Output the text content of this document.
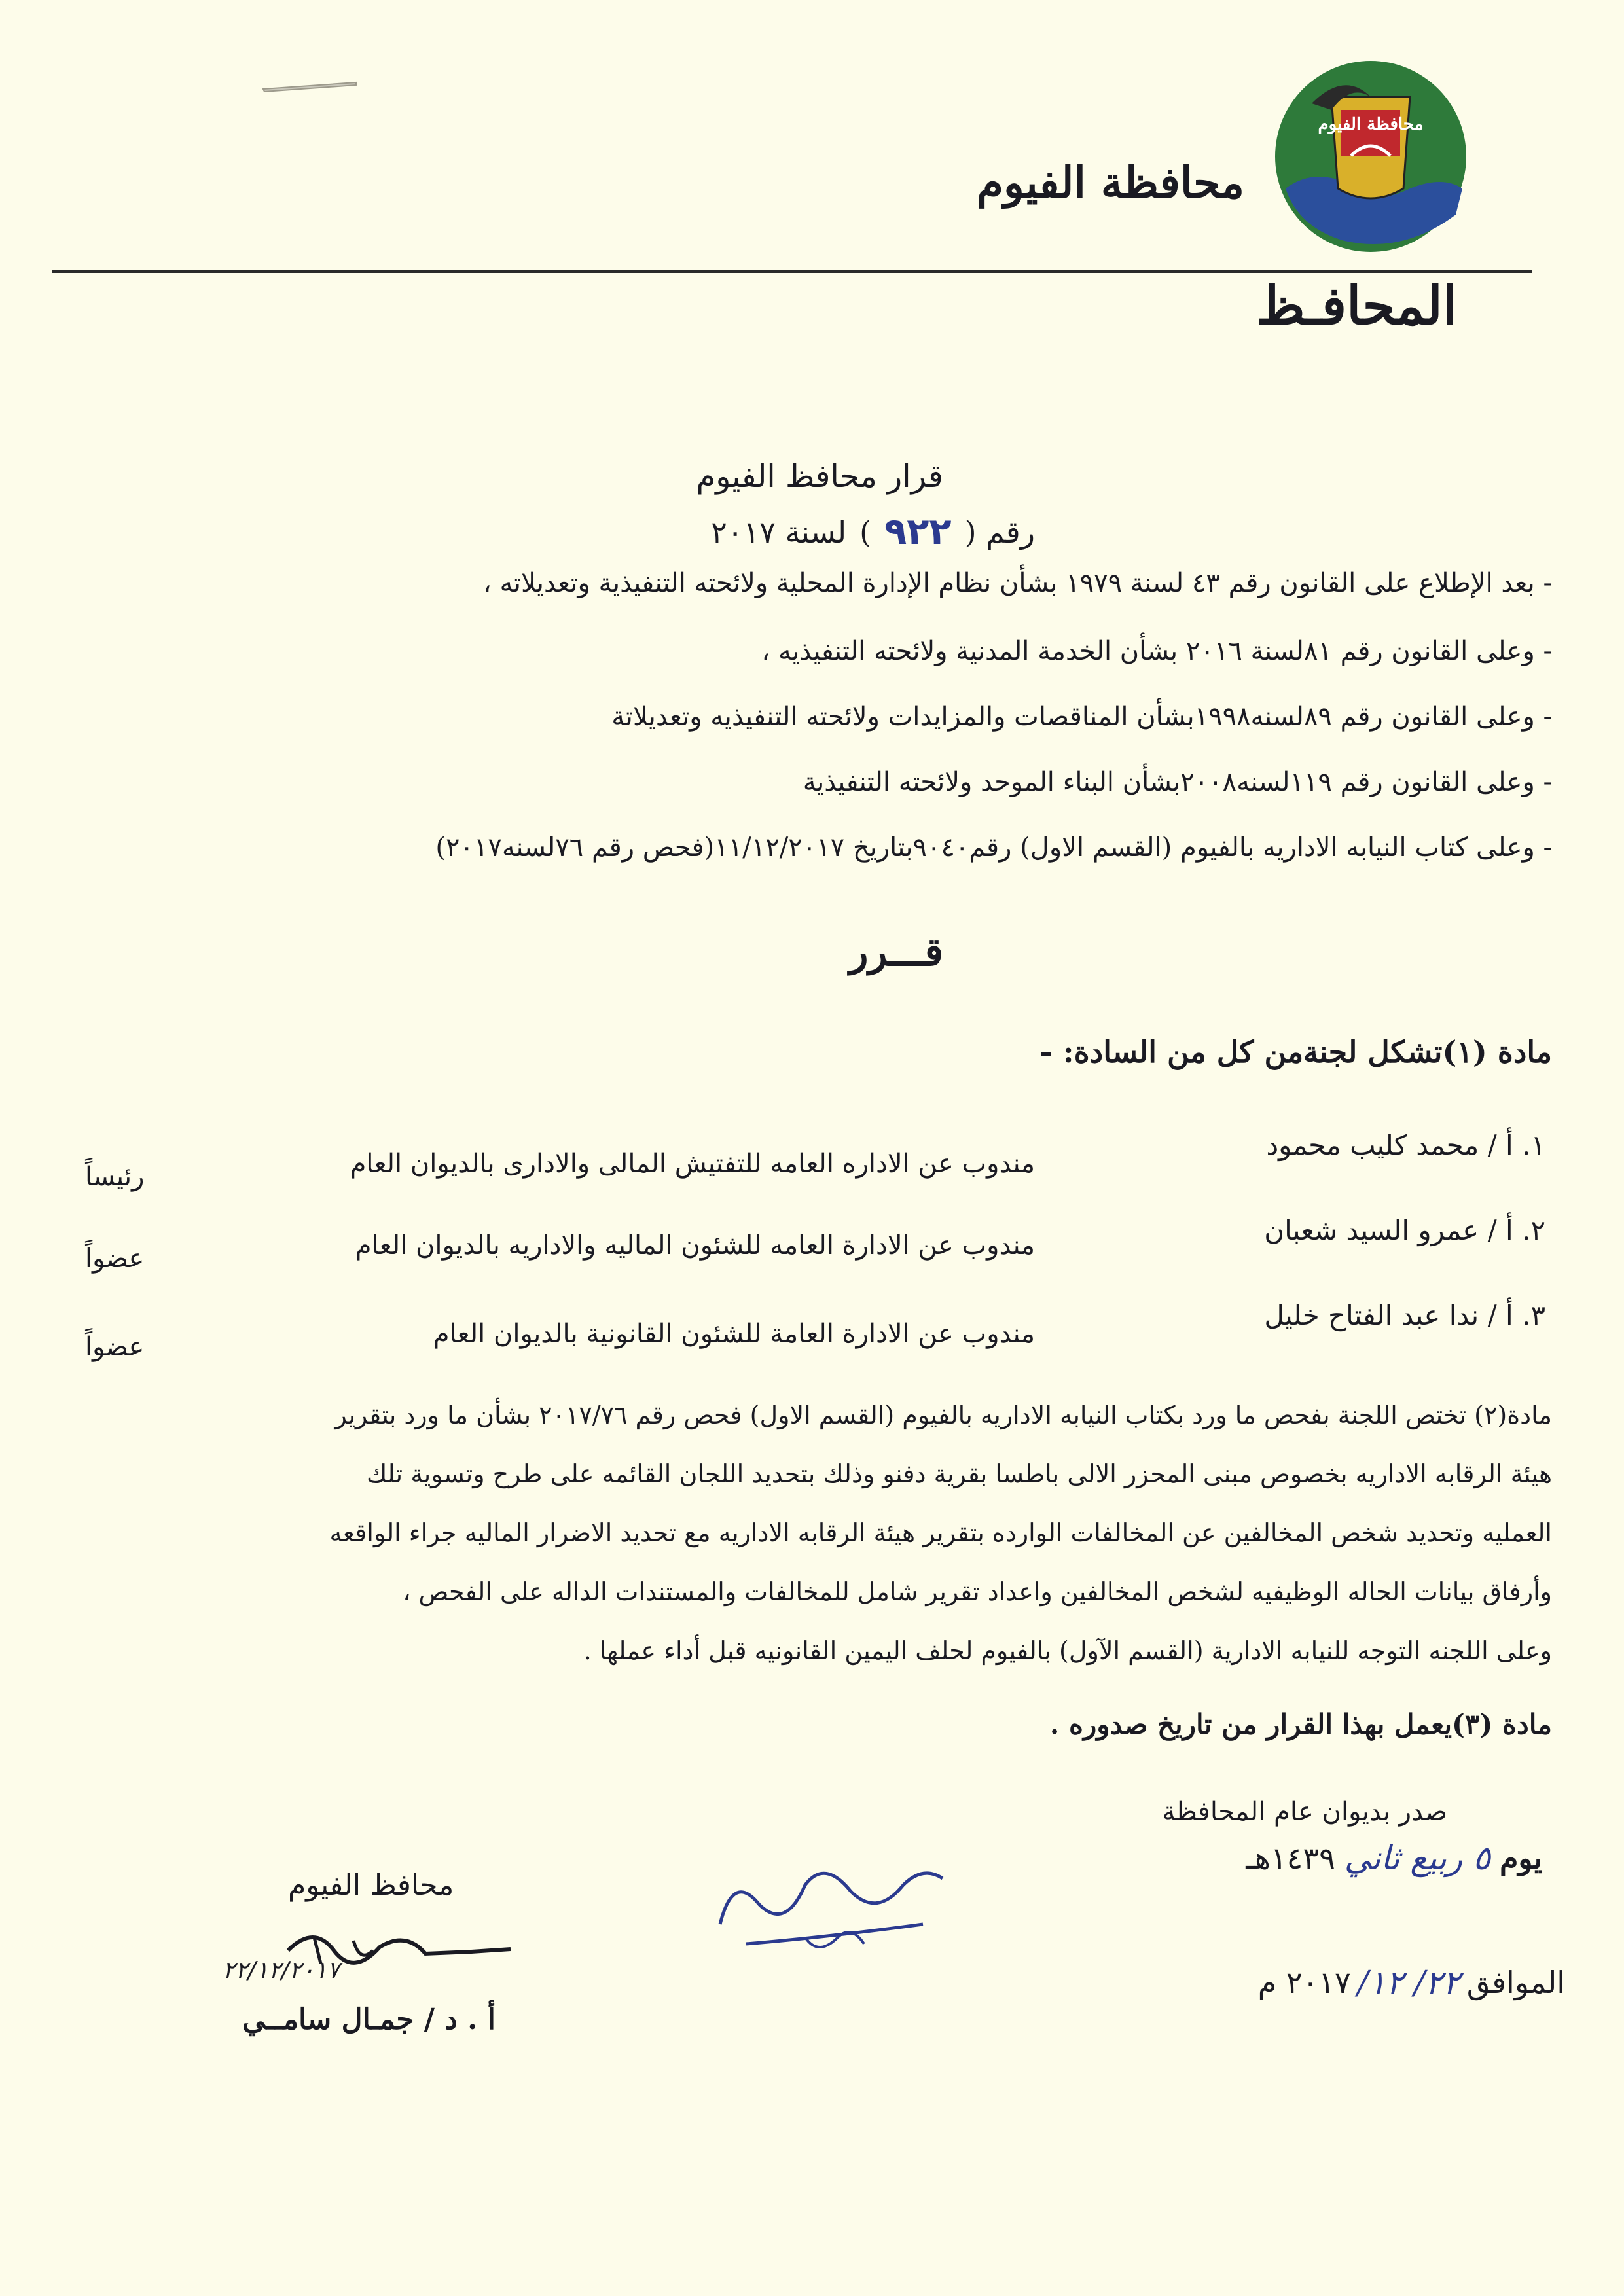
محافظة الفيوم
محافظة الفيوم
المحافـظ
قرار محافظ الفيوم
رقم (
٩٢٢
)
لسنة ٢٠١٧
- بعد الإطلاع على القانون رقم ٤٣ لسنة ١٩٧٩ بشأن نظام الإدارة المحلية ولائحته التنفيذية وتعديلاته ،
- وعلى القانون رقم ٨١لسنة ٢٠١٦ بشأن الخدمة المدنية ولائحته التنفيذيه ،
- وعلى القانون رقم ٨٩لسنه١٩٩٨بشأن المناقصات والمزايدات ولائحته التنفيذيه وتعديلاتة
- وعلى القانون رقم ١١٩لسنه٢٠٠٨بشأن البناء الموحد ولائحته التنفيذية
- وعلى كتاب النيابه الاداريه بالفيوم (القسم الاول) رقم٩٠٤٠بتاريخ ١١/١٢/٢٠١٧(فحص رقم ٧٦لسنه٢٠١٧)
قـــرر
مادة (١)تشكل لجنةمن كل من السادة: -
١. أ / محمد كليب محمود
مندوب عن الاداره العامه للتفتيش المالى والادارى بالديوان العام
رئيساً
٢. أ / عمرو السيد شعبان
مندوب عن الادارة العامه للشئون الماليه والاداريه بالديوان العام
عضواً
٣. أ / ندا عبد الفتاح خليل
مندوب عن الادارة العامة للشئون القانونية بالديوان العام
عضواً
مادة(٢) تختص اللجنة بفحص ما ورد بكتاب النيابه الاداريه بالفيوم (القسم الاول) فحص رقم ٢٠١٧/٧٦ بشأن ما ورد بتقرير
هيئة الرقابه الاداريه بخصوص مبنى المحزر الالى باطسا بقرية دفنو وذلك بتحديد اللجان القائمه على طرح وتسوية تلك
العمليه وتحديد شخص المخالفين عن المخالفات الوارده بتقرير هيئة الرقابه الاداريه مع تحديد الاضرار الماليه جراء الواقعه
وأرفاق بيانات الحاله الوظيفيه لشخص المخالفين واعداد تقرير شامل للمخالفات والمستندات الداله على الفحص ،
وعلى اللجنه التوجه للنيابه الادارية (القسم الآول) بالفيوم لحلف اليمين القانونيه قبل أداء عملها .
مادة (٣)يعمل بهذا القرار من تاريخ صدوره .
صدر بديوان عام المحافظة
يوم
٥ ربيع ثاني
١٤٣٩هـ
الموافق
٢٢/ ١٢/
٢٠١٧ م
محافظ الفيوم
٢٢/١٢/٢٠١٧
أ . د / جمـال سامــي
